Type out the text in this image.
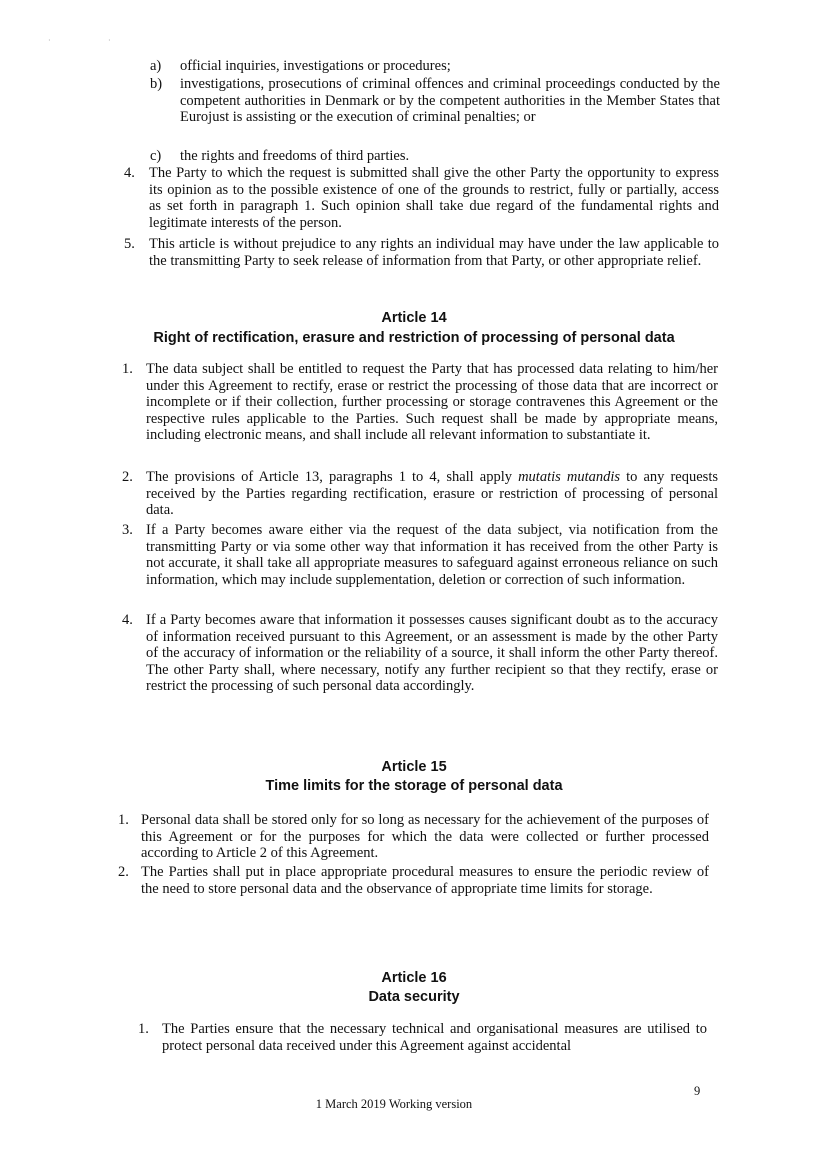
·	·
a) official inquiries, investigations or procedures;
b) investigations, prosecutions of criminal offences and criminal proceedings conducted by the competent authorities in Denmark or by the competent authorities in the Member States that Eurojust is assisting or the execution of criminal penalties; or
c) the rights and freedoms of third parties.
4. The Party to which the request is submitted shall give the other Party the opportunity to express its opinion as to the possible existence of one of the grounds to restrict, fully or partially, access as set forth in paragraph 1. Such opinion shall take due regard of the fundamental rights and legitimate interests of the person.
5. This article is without prejudice to any rights an individual may have under the law applicable to the transmitting Party to seek release of information from that Party, or other appropriate relief.
Article 14
Right of rectification, erasure and restriction of processing of personal data
1. The data subject shall be entitled to request the Party that has processed data relating to him/her under this Agreement to rectify, erase or restrict the processing of those data that are incorrect or incomplete or if their collection, further processing or storage contravenes this Agreement or the respective rules applicable to the Parties. Such request shall be made by appropriate means, including electronic means, and shall include all relevant information to substantiate it.
2. The provisions of Article 13, paragraphs 1 to 4, shall apply mutatis mutandis to any requests received by the Parties regarding rectification, erasure or restriction of processing of personal data.
3. If a Party becomes aware either via the request of the data subject, via notification from the transmitting Party or via some other way that information it has received from the other Party is not accurate, it shall take all appropriate measures to safeguard against erroneous reliance on such information, which may include supplementation, deletion or correction of such information.
4. If a Party becomes aware that information it possesses causes significant doubt as to the accuracy of information received pursuant to this Agreement, or an assessment is made by the other Party of the accuracy of information or the reliability of a source, it shall inform the other Party thereof. The other Party shall, where necessary, notify any further recipient so that they rectify, erase or restrict the processing of such personal data accordingly.
Article 15
Time limits for the storage of personal data
1. Personal data shall be stored only for so long as necessary for the achievement of the purposes of this Agreement or for the purposes for which the data were collected or further processed according to Article 2 of this Agreement.
2. The Parties shall put in place appropriate procedural measures to ensure the periodic review of the need to store personal data and the observance of appropriate time limits for storage.
Article 16
Data security
1. The Parties ensure that the necessary technical and organisational measures are utilised to protect personal data received under this Agreement against accidental
9
1 March 2019 Working version
